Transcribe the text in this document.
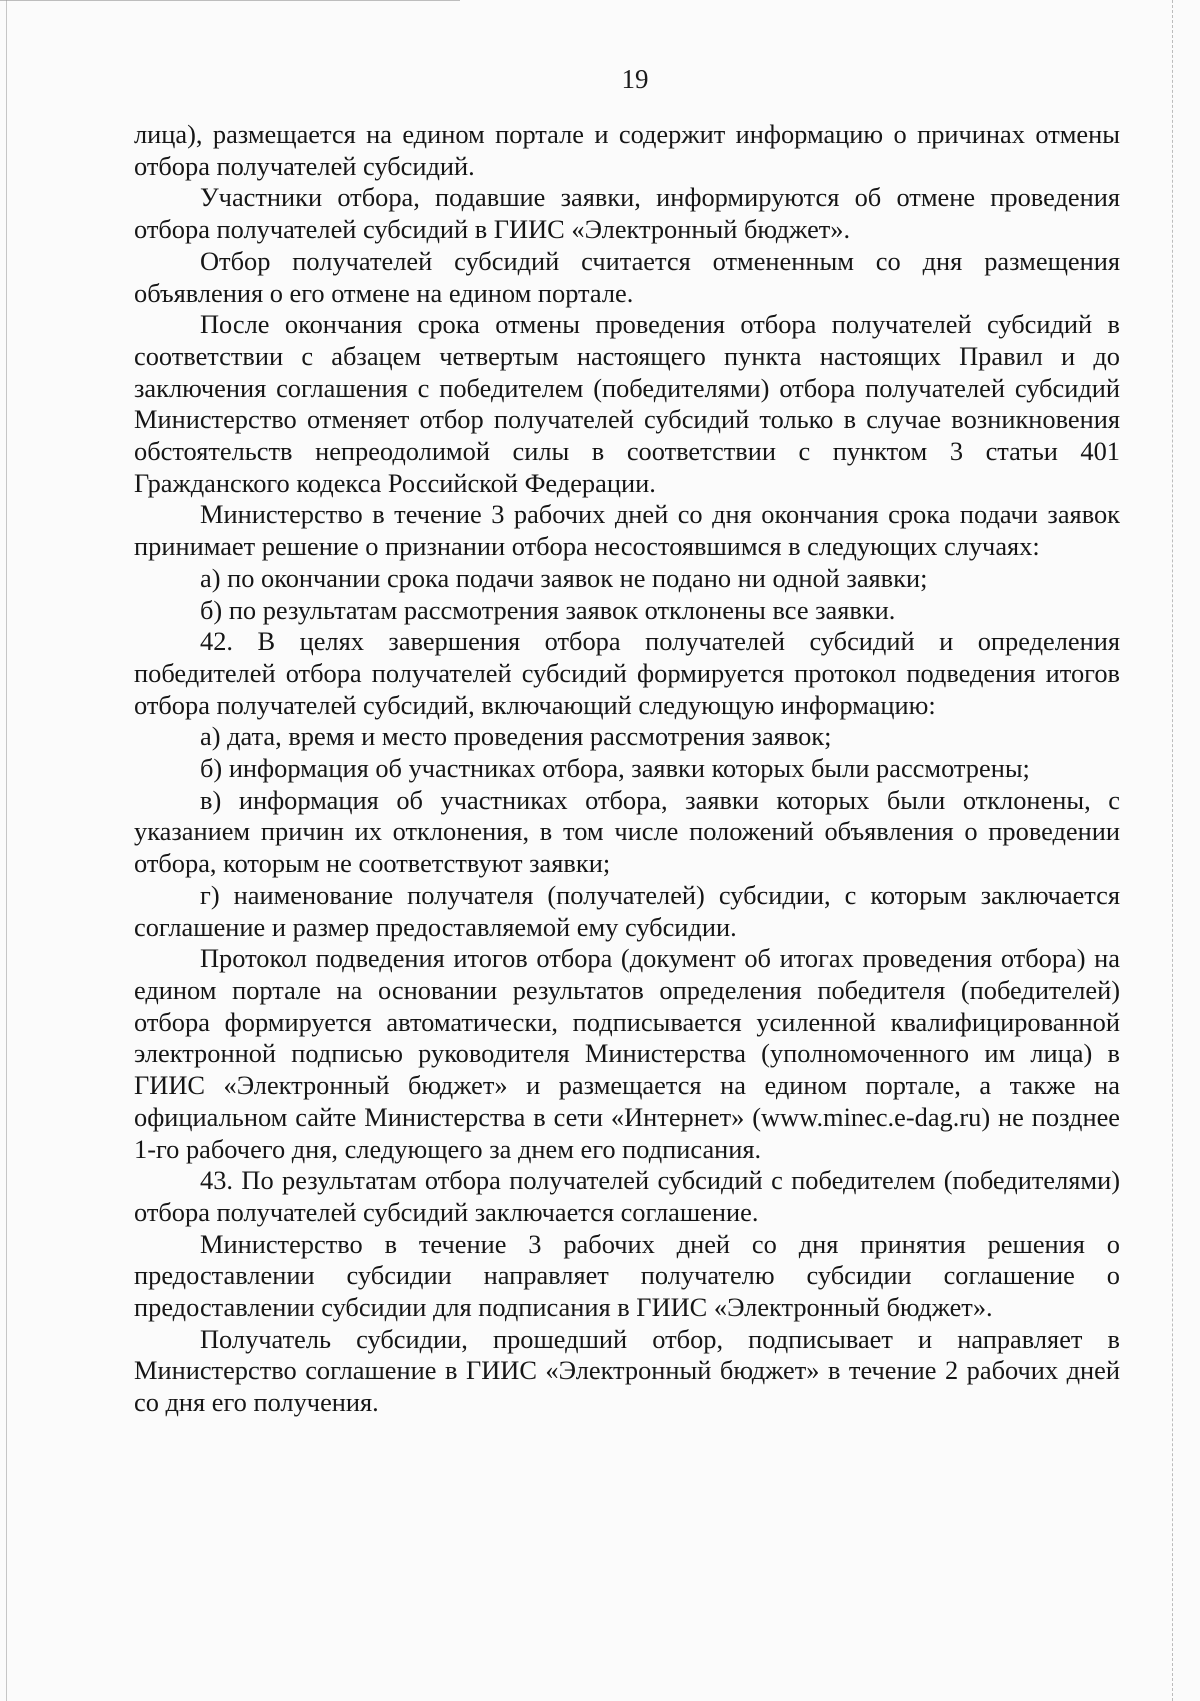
19

лица), размещается на едином портале и содержит информацию о причинах отмены отбора получателей субсидий.

Участники отбора, подавшие заявки, информируются об отмене проведения отбора получателей субсидий в ГИИС «Электронный бюджет».

Отбор получателей субсидий считается отмененным со дня размещения объявления о его отмене на едином портале.

После окончания срока отмены проведения отбора получателей субсидий в соответствии с абзацем четвертым настоящего пункта настоящих Правил и до заключения соглашения с победителем (победителями) отбора получателей субсидий Министерство отменяет отбор получателей субсидий только в случае возникновения обстоятельств непреодолимой силы в соответствии с пунктом 3 статьи 401 Гражданского кодекса Российской Федерации.

Министерство в течение 3 рабочих дней со дня окончания срока подачи заявок принимает решение о признании отбора несостоявшимся в следующих случаях:

а) по окончании срока подачи заявок не подано ни одной заявки;

б) по результатам рассмотрения заявок отклонены все заявки.

42. В целях завершения отбора получателей субсидий и определения победителей отбора получателей субсидий формируется протокол подведения итогов отбора получателей субсидий, включающий следующую информацию:

а) дата, время и место проведения рассмотрения заявок;

б) информация об участниках отбора, заявки которых были рассмотрены;

в) информация об участниках отбора, заявки которых были отклонены, с указанием причин их отклонения, в том числе положений объявления о проведении отбора, которым не соответствуют заявки;

г) наименование получателя (получателей) субсидии, с которым заключается соглашение и размер предоставляемой ему субсидии.

Протокол подведения итогов отбора (документ об итогах проведения отбора) на едином портале на основании результатов определения победителя (победителей) отбора формируется автоматически, подписывается усиленной квалифицированной электронной подписью руководителя Министерства (уполномоченного им лица) в ГИИС «Электронный бюджет» и размещается на едином портале, а также на официальном сайте Министерства в сети «Интернет» (www.minec.e-dag.ru) не позднее 1-го рабочего дня, следующего за днем его подписания.

43. По результатам отбора получателей субсидий с победителем (победителями) отбора получателей субсидий заключается соглашение.

Министерство в течение 3 рабочих дней со дня принятия решения о предоставлении субсидии направляет получателю субсидии соглашение о предоставлении субсидии для подписания в ГИИС «Электронный бюджет».

Получатель субсидии, прошедший отбор, подписывает и направляет в Министерство соглашение в ГИИС «Электронный бюджет» в течение 2 рабочих дней со дня его получения.
